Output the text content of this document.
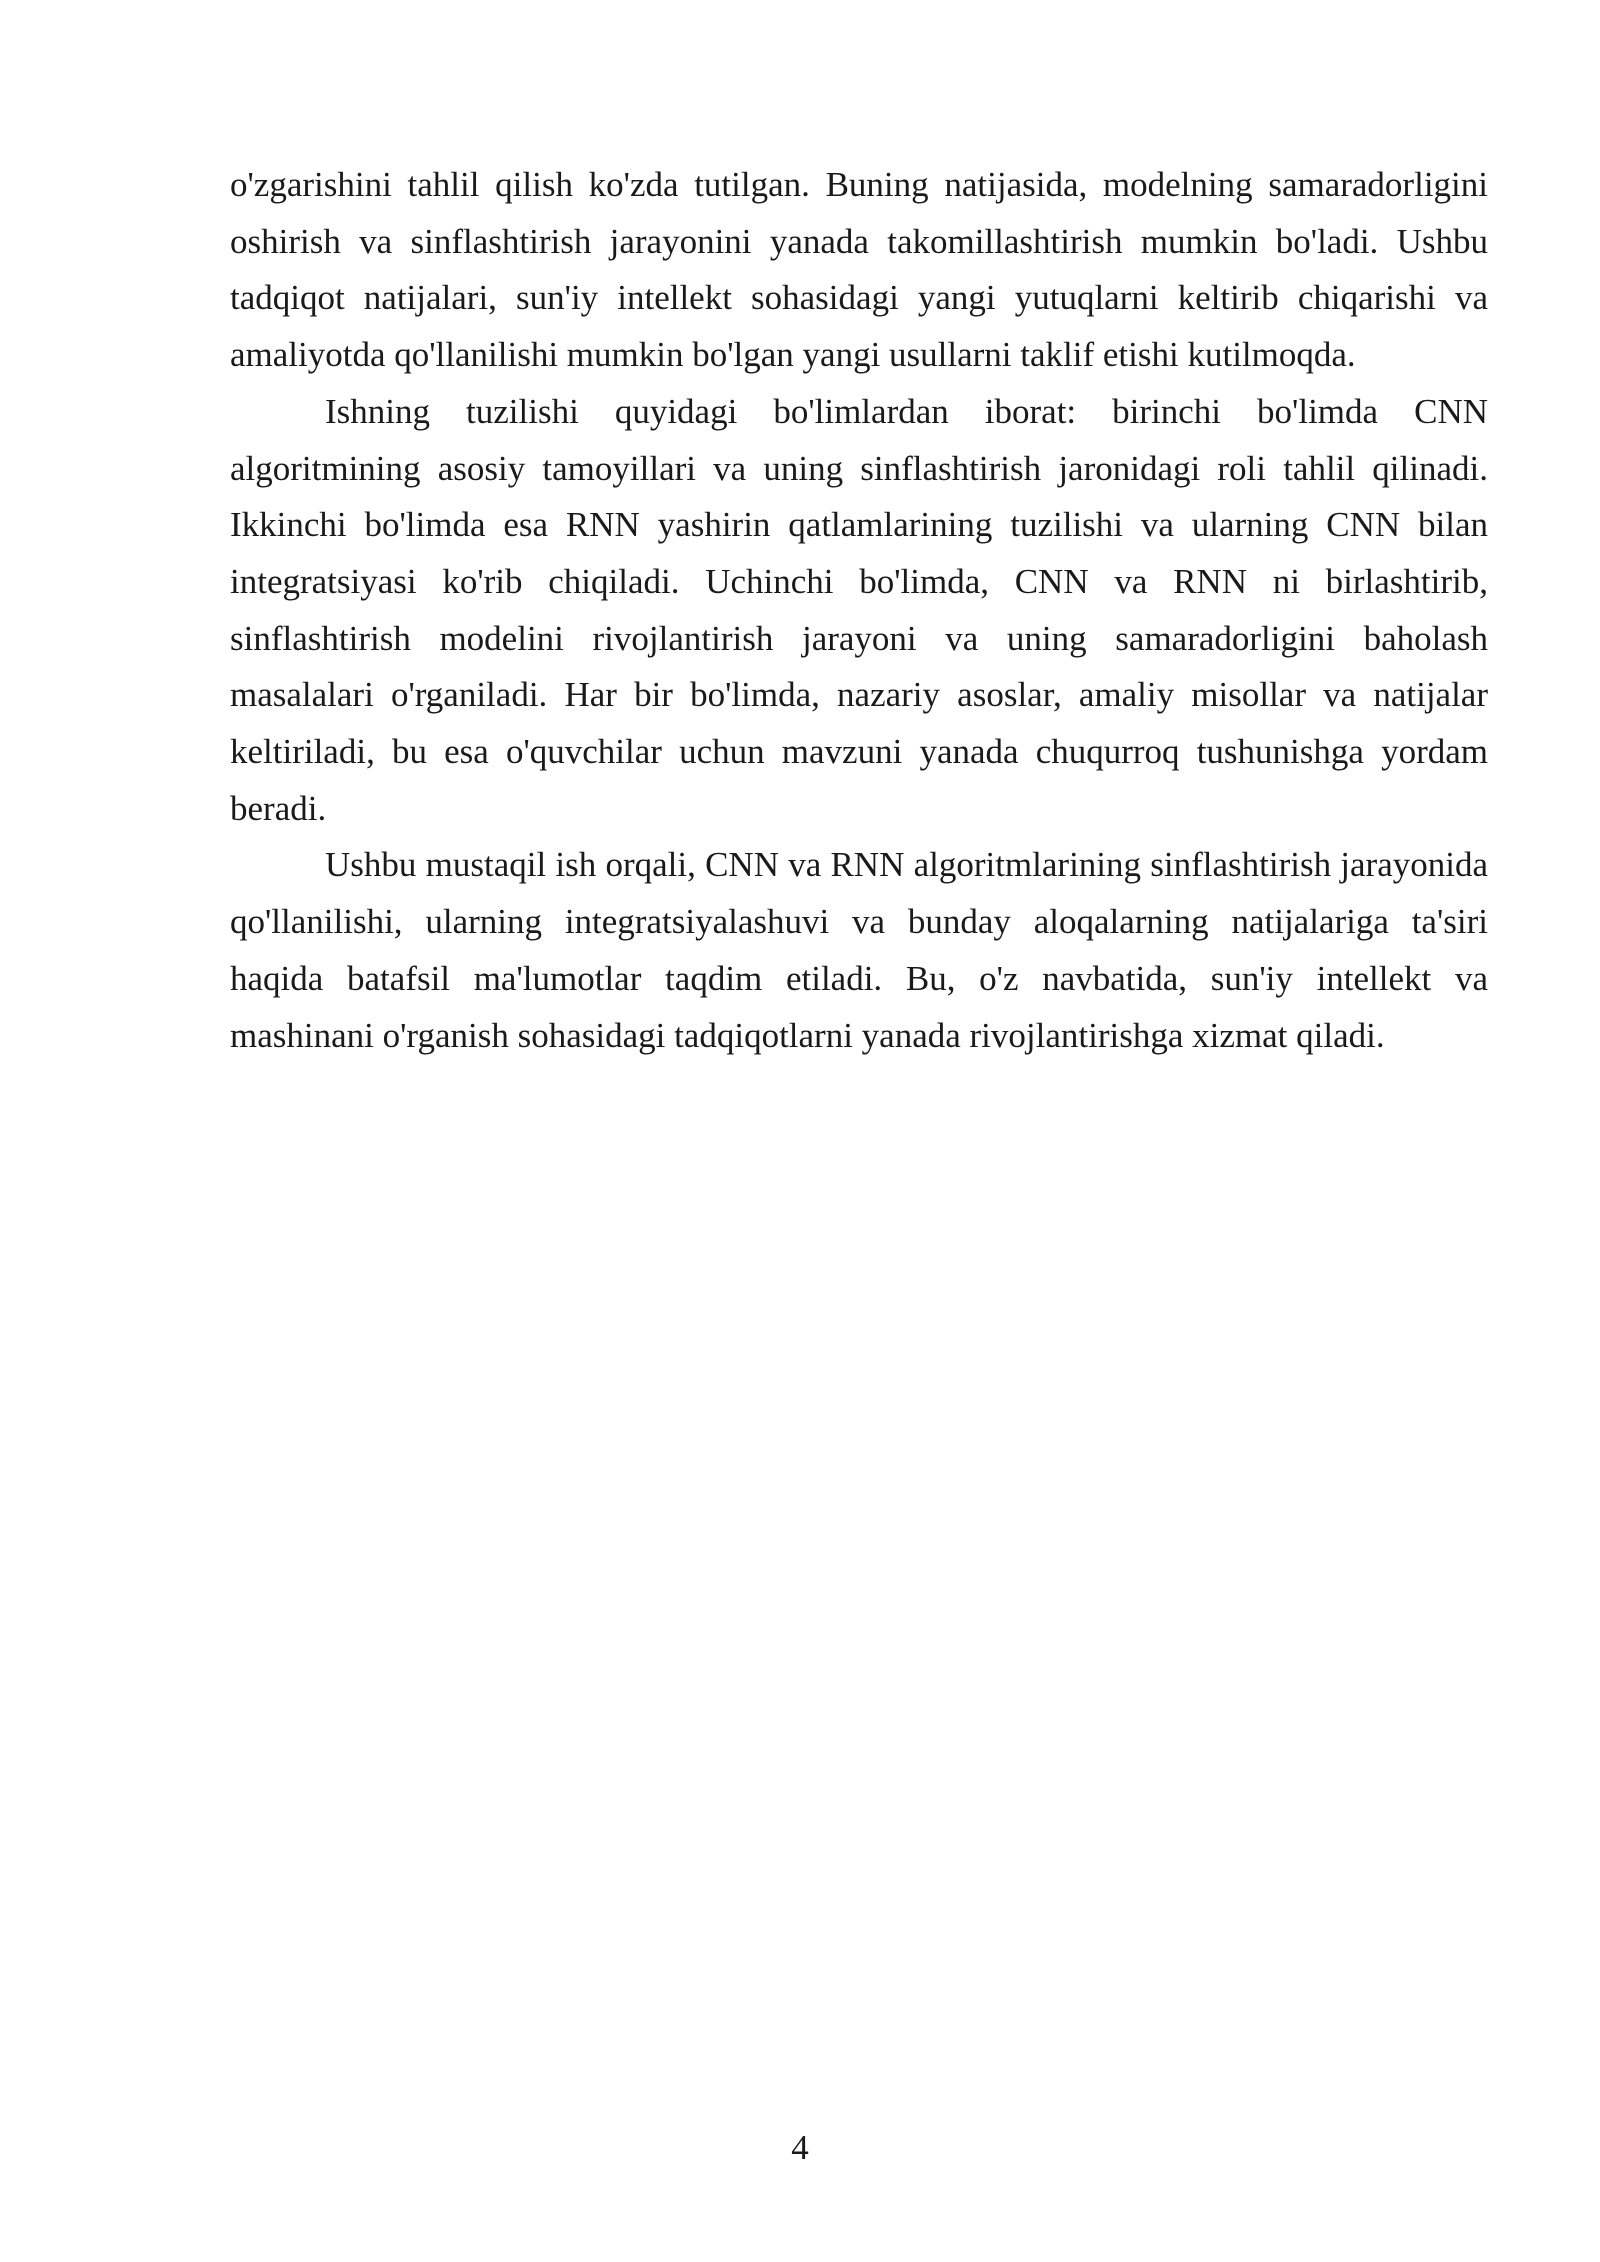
o'zgarishini tahlil qilish ko'zda tutilgan. Buning natijasida, modelning samaradorligini oshirish va sinflashtirish jarayonini yanada takomillashtirish mumkin bo'ladi. Ushbu tadqiqot natijalari, sun'iy intellekt sohasidagi yangi yutuqlarni keltirib chiqarishi va amaliyotda qo'llanilishi mumkin bo'lgan yangi usullarni taklif etishi kutilmoqda.

Ishning tuzilishi quyidagi bo'limlardan iborat: birinchi bo'limda CNN algoritmining asosiy tamoyillari va uning sinflashtirish jaronidagi roli tahlil qilinadi. Ikkinchi bo'limda esa RNN yashirin qatlamlarining tuzilishi va ularning CNN bilan integratsiyasi ko'rib chiqiladi. Uchinchi bo'limda, CNN va RNN ni birlashtirib, sinflashtirish modelini rivojlantirish jarayoni va uning samaradorligini baholash masalalari o'rganiladi. Har bir bo'limda, nazariy asoslar, amaliy misollar va natijalar keltiriladi, bu esa o'quvchilar uchun mavzuni yanada chuqurroq tushunishga yordam beradi.

Ushbu mustaqil ish orqali, CNN va RNN algoritmlarining sinflashtirish jarayonida qo'llanilishi, ularning integratsiyalashuvi va bunday aloqalarning natijalariga ta'siri haqida batafsil ma'lumotlar taqdim etiladi. Bu, o'z navbatida, sun'iy intellekt va mashinani o'rganish sohasidagi tadqiqotlarni yanada rivojlantirishga xizmat qiladi.

4
